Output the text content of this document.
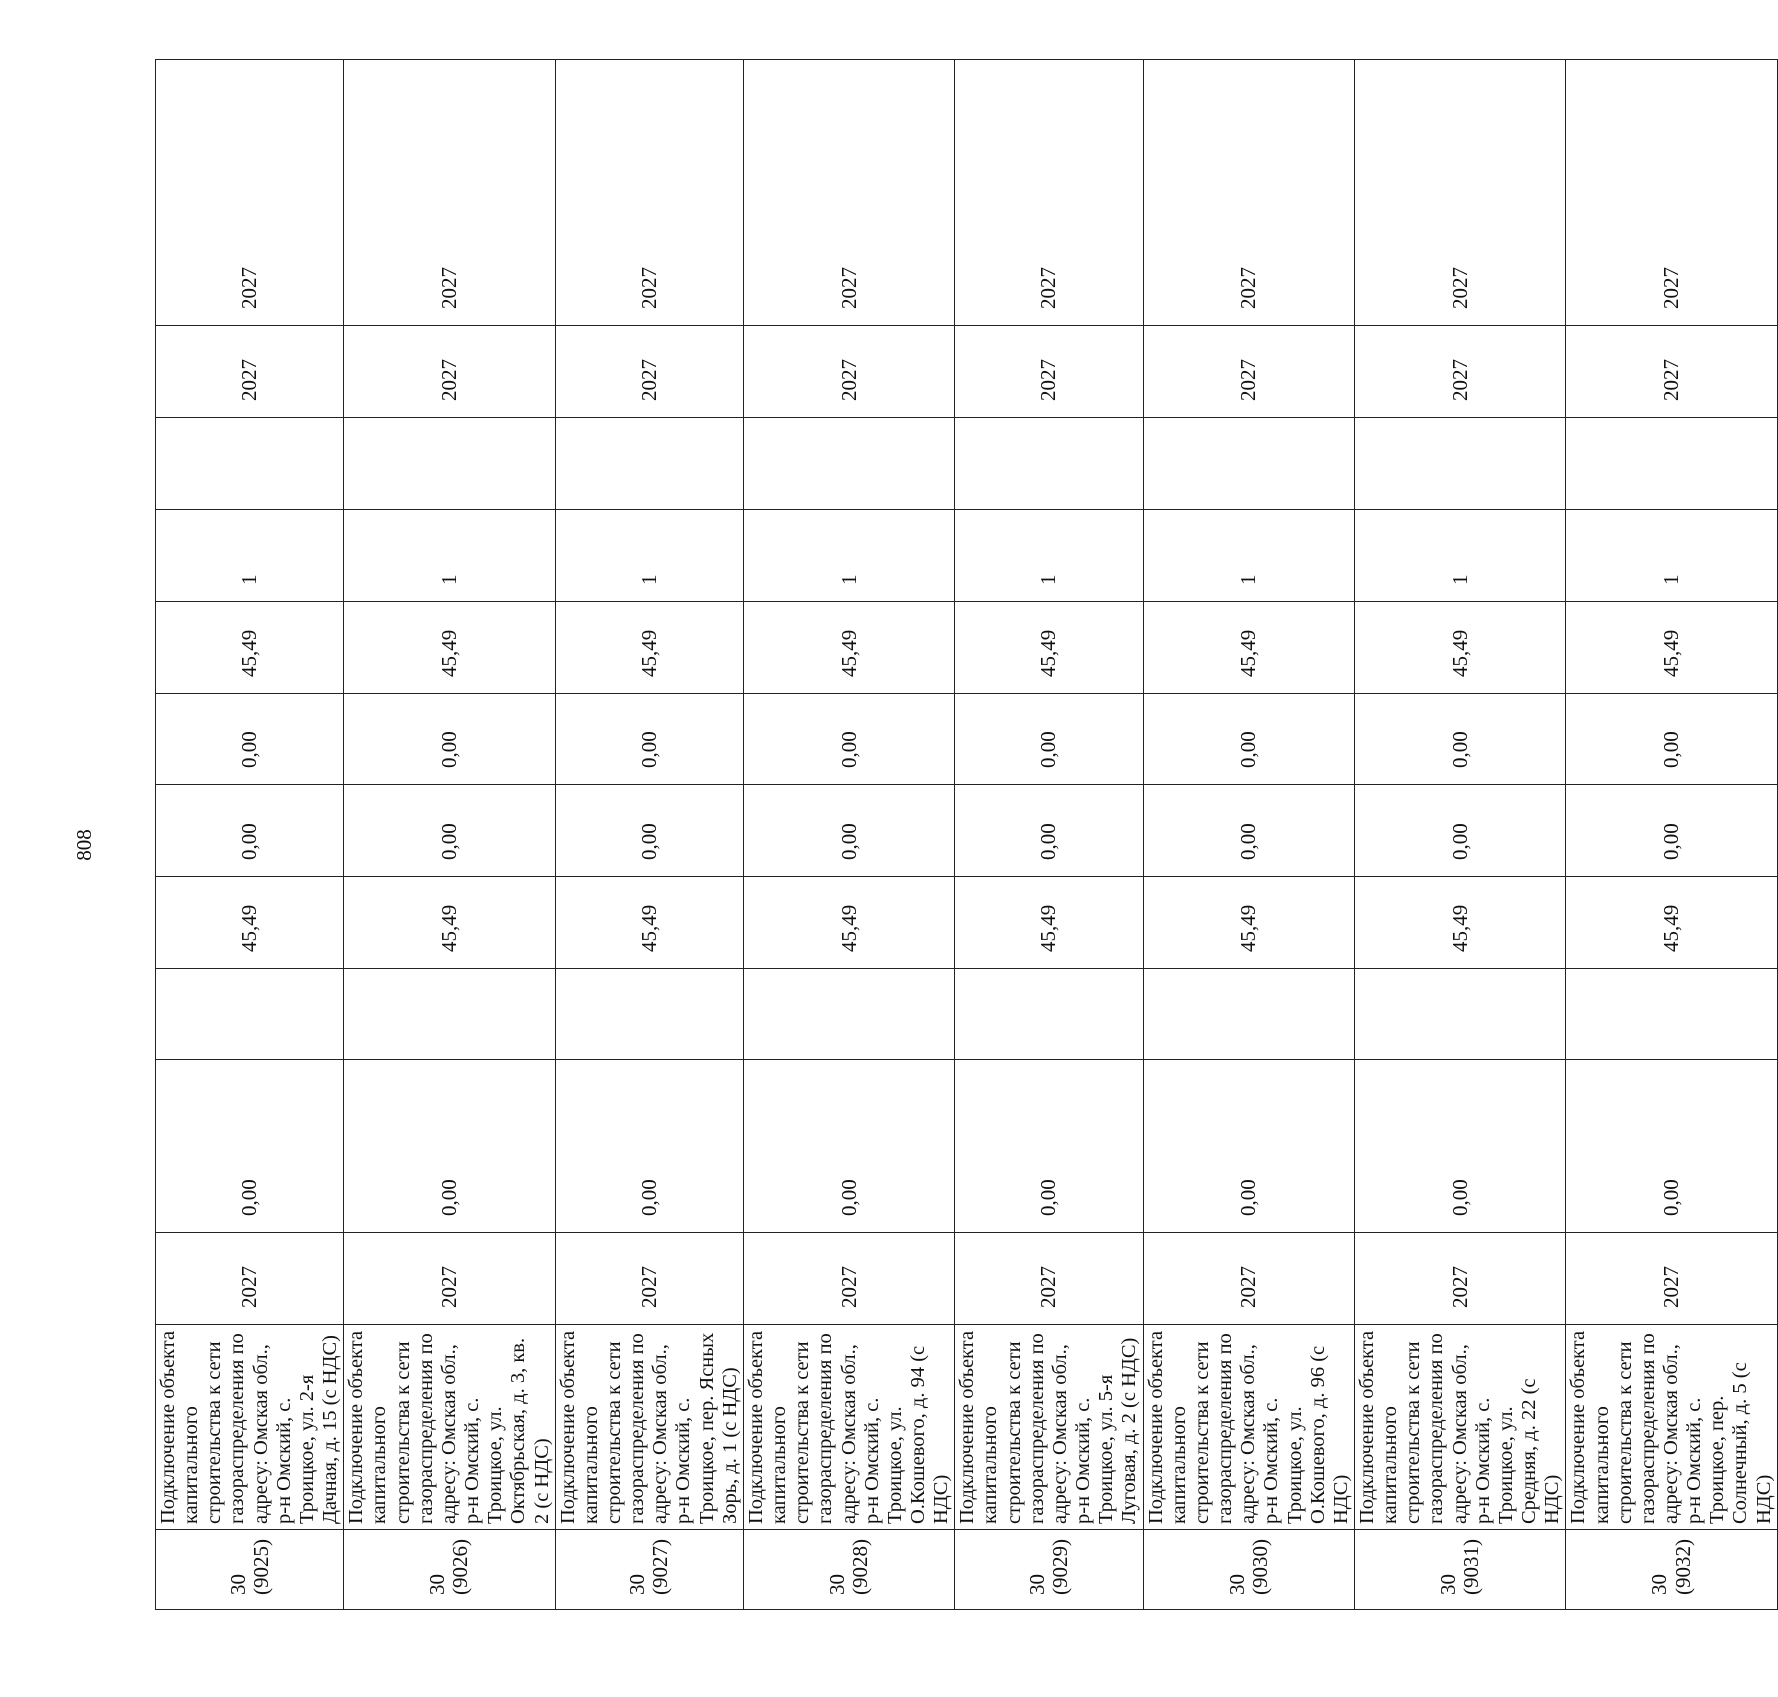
808
30 (9025)	Подключение объекта капитального строительства к сети газораспределения по адресу: Омская обл., р-н Омский, с. Троицкое, ул. 2-я Дачная, д. 15 (с НДС)	2027	0,00		45,49	0,00	0,00	45,49	1		2027	2027

30 (9026)	Подключение объекта капитального строительства к сети газораспределения по адресу: Омская обл., р-н Омский, с. Троицкое, ул. Октябрьская, д. 3, кв. 2 (с НДС)	2027	0,00		45,49	0,00	0,00	45,49	1		2027	2027

30 (9027)	Подключение объекта капитального строительства к сети газораспределения по адресу: Омская обл., р-н Омский, с. Троицкое, пер. Ясных Зорь, д. 1 (с НДС)	2027	0,00		45,49	0,00	0,00	45,49	1		2027	2027

30 (9028)	Подключение объекта капитального строительства к сети газораспределения по адресу: Омская обл., р-н Омский, с. Троицкое, ул. О.Кошевого, д. 94 (с НДС)	2027	0,00		45,49	0,00	0,00	45,49	1		2027	2027

30 (9029)	Подключение объекта капитального строительства к сети газораспределения по адресу: Омская обл., р-н Омский, с. Троицкое, ул. 5-я Луговая, д. 2 (с НДС)	2027	0,00		45,49	0,00	0,00	45,49	1		2027	2027

30 (9030)	Подключение объекта капитального строительства к сети газораспределения по адресу: Омская обл., р-н Омский, с. Троицкое, ул. О.Кошевого, д. 96 (с НДС)	2027	0,00		45,49	0,00	0,00	45,49	1		2027	2027

30 (9031)	Подключение объекта капитального строительства к сети газораспределения по адресу: Омская обл., р-н Омский, с. Троицкое, ул. Средняя, д. 22 (с НДС)	2027	0,00		45,49	0,00	0,00	45,49	1		2027	2027

30 (9032)	Подключение объекта капитального строительства к сети газораспределения по адресу: Омская обл., р-н Омский, с. Троицкое, пер. Солнечный, д. 5 (с НДС)	2027	0,00		45,49	0,00	0,00	45,49	1		2027	2027
